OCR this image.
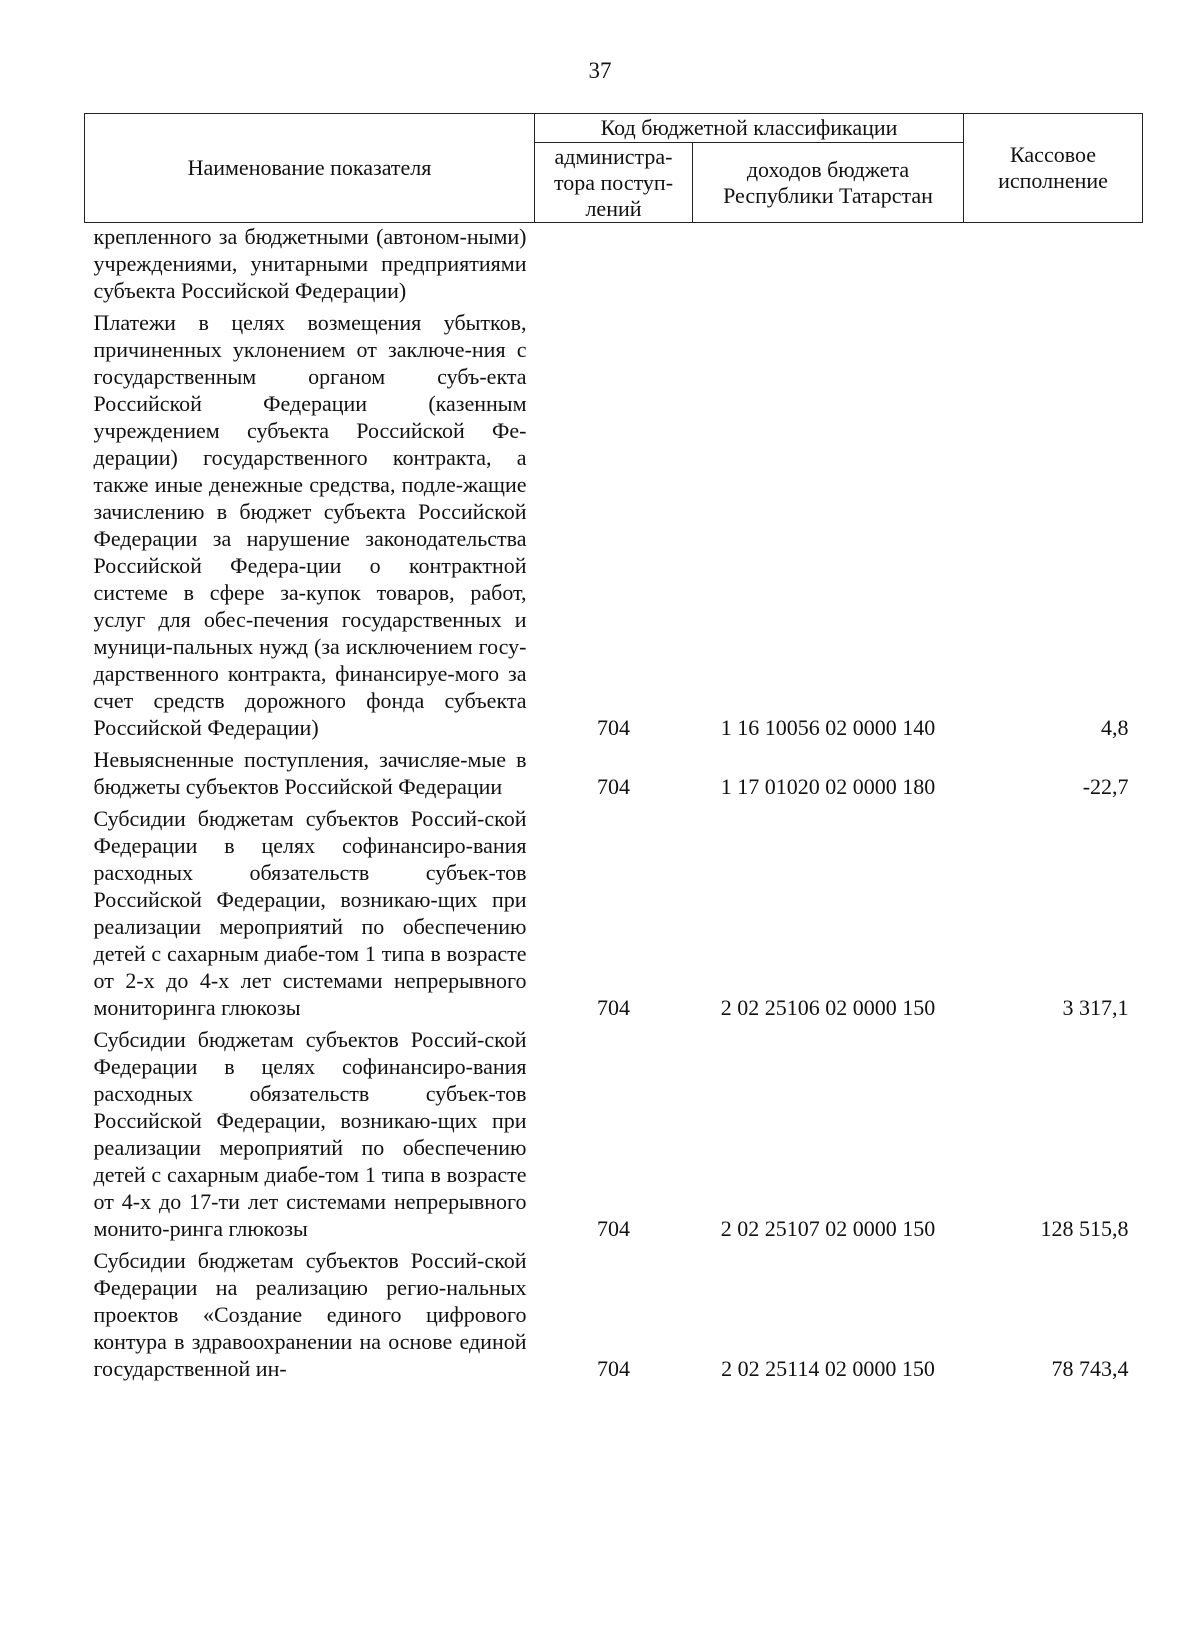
37
Наименование показателя	Код бюджетной классификации		Кассовое исполнение
	администра-тора поступ-лений	доходов бюджета Республики Татарстан	
крепленного за бюджетными (автоном-ными) учреждениями, унитарными предприятиями субъекта Российской Федерации)			
Платежи в целях возмещения убытков, причиненных уклонением от заключе-ния с государственным органом субъ-екта Российской Федерации (казенным учреждением субъекта Российской Фе-дерации) государственного контракта, а также иные денежные средства, подле-жащие зачислению в бюджет субъекта Российской Федерации за нарушение законодательства Российской Федера-ции о контрактной системе в сфере за-купок товаров, работ, услуг для обес-печения государственных и муници-пальных нужд (за исключением госу-дарственного контракта, финансируе-мого за счет средств дорожного фонда субъекта Российской Федерации)	704	1 16 10056 02 0000 140	4,8
Невыясненные поступления, зачисляе-мые в бюджеты субъектов Российской Федерации	704	1 17 01020 02 0000 180	-22,7
Субсидии бюджетам субъектов Россий-ской Федерации в целях софинансиро-вания расходных обязательств субъек-тов Российской Федерации, возникаю-щих при реализации мероприятий по обеспечению детей с сахарным диабе-том 1 типа в возрасте от 2-х до 4-х лет системами непрерывного мониторинга глюкозы	704	2 02 25106 02 0000 150	3 317,1
Субсидии бюджетам субъектов Россий-ской Федерации в целях софинансиро-вания расходных обязательств субъек-тов Российской Федерации, возникаю-щих при реализации мероприятий по обеспечению детей с сахарным диабе-том 1 типа в возрасте от 4-х до 17-ти лет системами непрерывного монито-ринга глюкозы	704	2 02 25107 02 0000 150	128 515,8
Субсидии бюджетам субъектов Россий-ской Федерации на реализацию регио-нальных проектов «Создание единого цифрового контура в здравоохранении на основе единой государственной ин-	704	2 02 25114 02 0000 150	78 743,4
